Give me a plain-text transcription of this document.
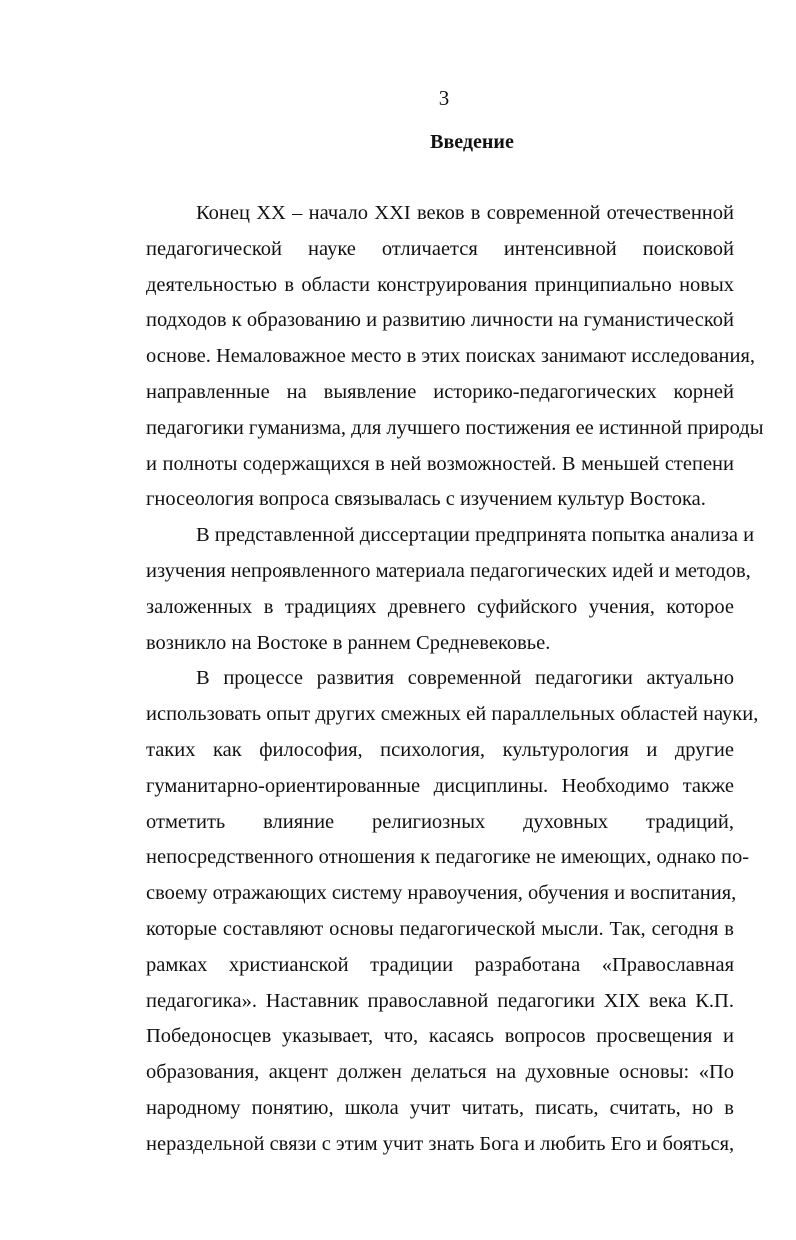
3
Введение

Конец XX – начало XXI веков в современной отечественной
педагогической науке отличается интенсивной поисковой
деятельностью в области конструирования принципиально новых
подходов к образованию и развитию личности на гуманистической
основе. Немаловажное место в этих поисках занимают исследования,
направленные на выявление историко-педагогических корней
педагогики гуманизма, для лучшего постижения ее истинной природы
и полноты содержащихся в ней возможностей. В меньшей степени
гносеология вопроса связывалась с изучением культур Востока.

В представленной диссертации предпринята попытка анализа и
изучения непроявленного материала педагогических идей и методов,
заложенных в традициях древнего суфийского учения, которое
возникло на Востоке в раннем Средневековье.

В процессе развития современной педагогики актуально
использовать опыт других смежных ей параллельных областей науки,
таких как философия, психология, культурология и другие
гуманитарно-ориентированные дисциплины. Необходимо также
отметить влияние религиозных духовных традиций,
непосредственного отношения к педагогике не имеющих, однако по-
своему отражающих систему нравоучения, обучения и воспитания,
которые составляют основы педагогической мысли. Так, сегодня в
рамках христианской традиции разработана «Православная
педагогика». Наставник православной педагогики XIX века К.П.
Победоносцев указывает, что, касаясь вопросов просвещения и
образования, акцент должен делаться на духовные основы: «По
народному понятию, школа учит читать, писать, считать, но в
нераздельной связи с этим учит знать Бога и любить Его и бояться,
